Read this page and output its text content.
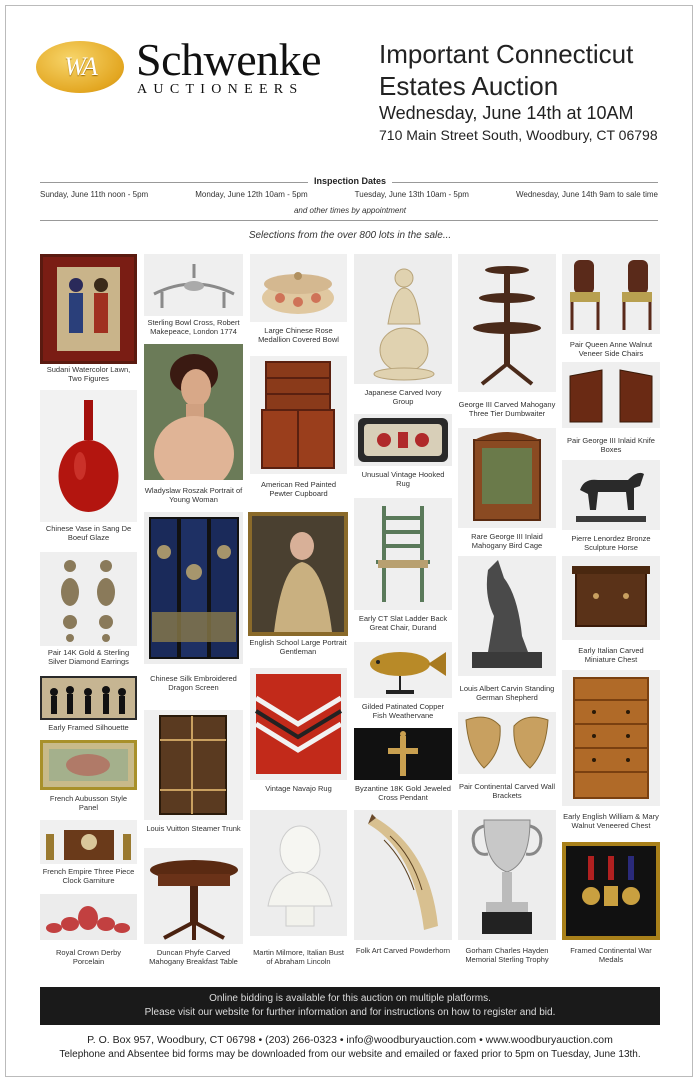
WA Schwenke
AUCTIONEERS
Important Connecticut Estates Auction
Wednesday, June 14th at 10AM
710 Main Street South, Woodbury, CT 06798
Inspection Dates
Sunday, June 11th noon - 5pm	Monday, June 12th 10am - 5pm	Tuesday, June 13th 10am - 5pm	Wednesday, June 14th 9am to sale time
and other times by appointment
Selections from the over 800 lots in the sale...
Sudani Watercolor Lawn, Two Figures
Chinese Vase in Sang De Boeuf Glaze
Pair 14K Gold & Sterling Silver Diamond Earrings
Early Framed Silhouette
French Aubusson Style Panel
French Empire Three Piece Clock Garniture
Royal Crown Derby Porcelain
Sterling Bowl Cross, Robert Makepeace, London 1774
Wladyslaw Roszak Portrait of Young Woman
Chinese Silk Embroidered Dragon Screen
Louis Vuitton Steamer Trunk
Duncan Phyfe Carved Mahogany Breakfast Table
Large Chinese Rose Medallion Covered Bowl
American Red Painted Pewter Cupboard
English School Large Portrait Gentleman
Vintage Navajo Rug
Martin Milmore, Italian Bust of Abraham Lincoln
Japanese Carved Ivory Group
Unusual Vintage Hooked Rug
Early CT Slat Ladder Back Great Chair, Durand
Gilded Patinated Copper Fish Weathervane
Byzantine 18K Gold Jeweled Cross Pendant
Folk Art Carved Powderhorn
George III Carved Mahogany Three Tier Dumbwaiter
Rare George III Inlaid Mahogany Bird Cage
Louis Albert Carvin Standing German Shepherd
Pair Continental Carved Wall Brackets
Gorham Charles Hayden Memorial Sterling Trophy
Pair Queen Anne Walnut Veneer Side Chairs
Pair George III Inlaid Knife Boxes
Pierre Lenordez Bronze Sculpture Horse
Early Italian Carved Miniature Chest
Early English William & Mary Walnut Veneered Chest
Framed Continental War Medals
Online bidding is available for this auction on multiple platforms.
Please visit our website for further information and for instructions on how to register and bid.
P. O. Box 957, Woodbury, CT 06798 • (203) 266-0323 • info@woodburyauction.com • www.woodburyauction.com
Telephone and Absentee bid forms may be downloaded from our website and emailed or faxed prior to 5pm on Tuesday, June 13th.
